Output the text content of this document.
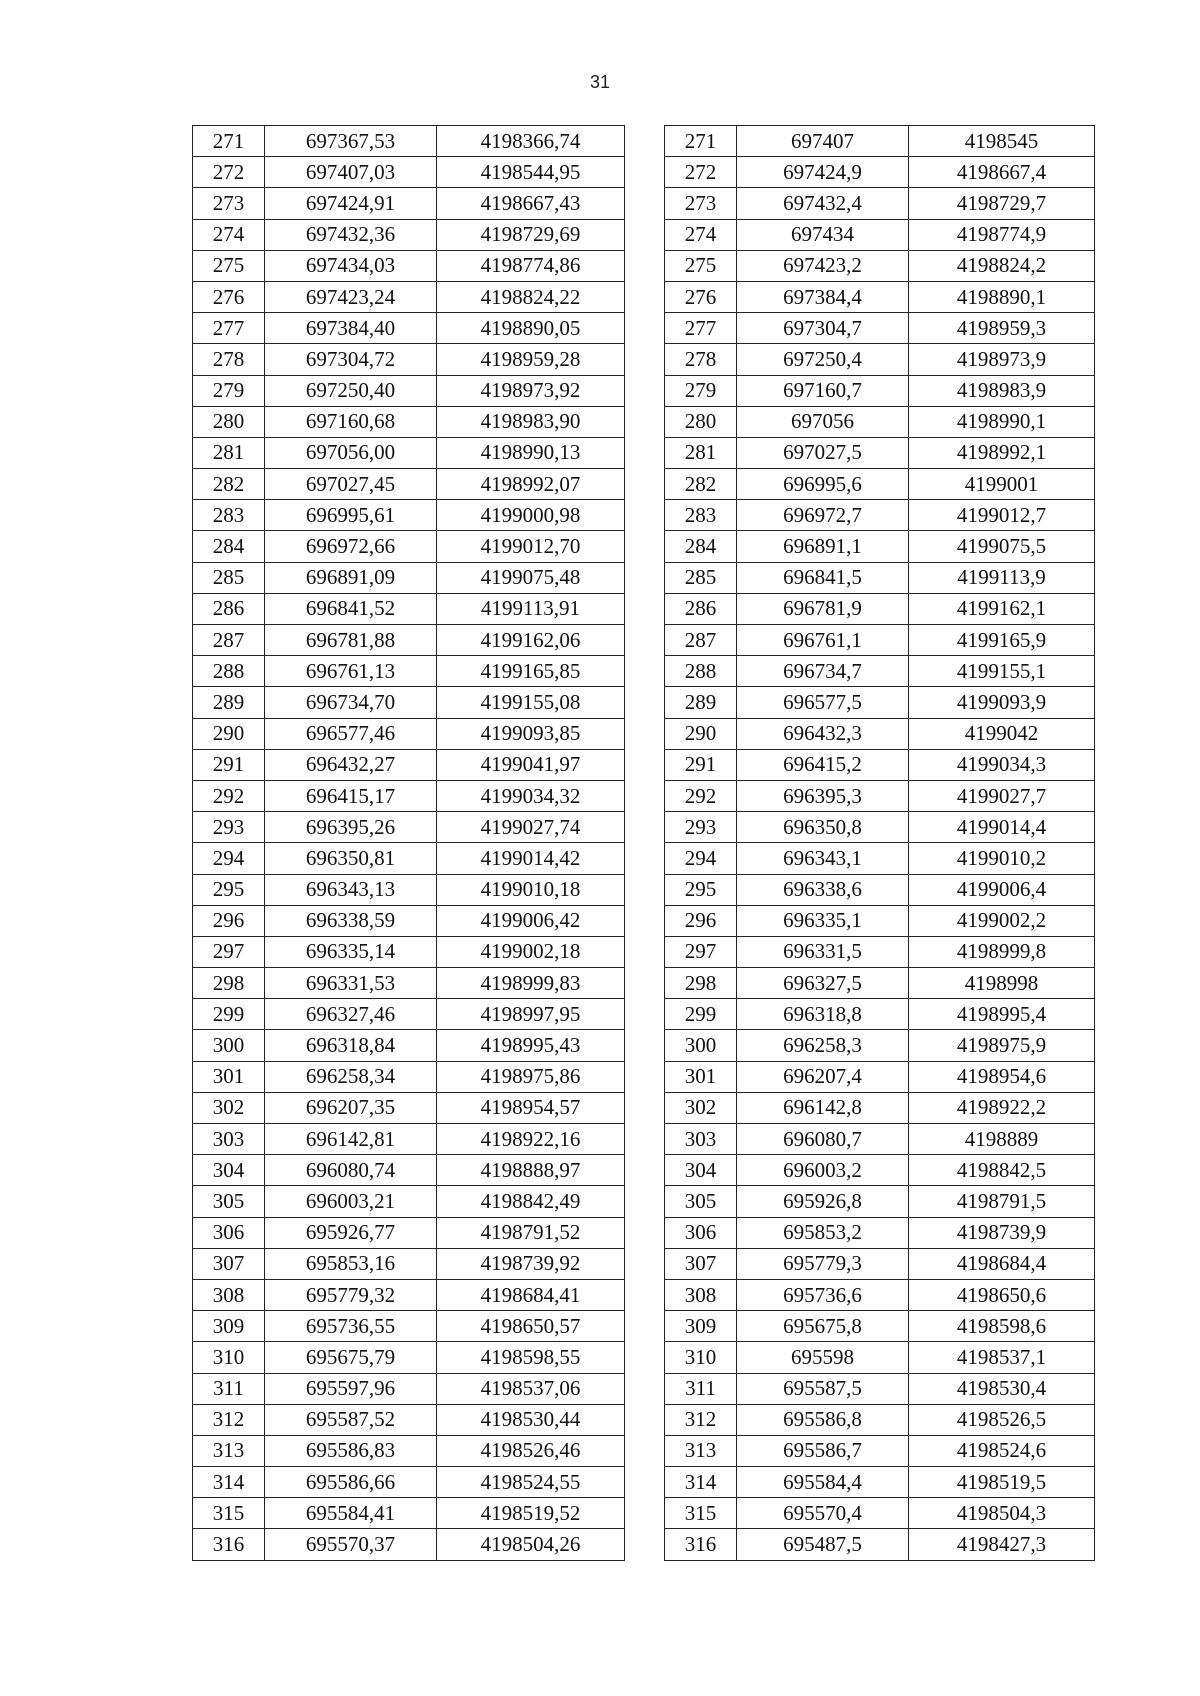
31
271	697367,53	4198366,74
272	697407,03	4198544,95
273	697424,91	4198667,43
274	697432,36	4198729,69
275	697434,03	4198774,86
276	697423,24	4198824,22
277	697384,40	4198890,05
278	697304,72	4198959,28
279	697250,40	4198973,92
280	697160,68	4198983,90
281	697056,00	4198990,13
282	697027,45	4198992,07
283	696995,61	4199000,98
284	696972,66	4199012,70
285	696891,09	4199075,48
286	696841,52	4199113,91
287	696781,88	4199162,06
288	696761,13	4199165,85
289	696734,70	4199155,08
290	696577,46	4199093,85
291	696432,27	4199041,97
292	696415,17	4199034,32
293	696395,26	4199027,74
294	696350,81	4199014,42
295	696343,13	4199010,18
296	696338,59	4199006,42
297	696335,14	4199002,18
298	696331,53	4198999,83
299	696327,46	4198997,95
300	696318,84	4198995,43
301	696258,34	4198975,86
302	696207,35	4198954,57
303	696142,81	4198922,16
304	696080,74	4198888,97
305	696003,21	4198842,49
306	695926,77	4198791,52
307	695853,16	4198739,92
308	695779,32	4198684,41
309	695736,55	4198650,57
310	695675,79	4198598,55
311	695597,96	4198537,06
312	695587,52	4198530,44
313	695586,83	4198526,46
314	695586,66	4198524,55
315	695584,41	4198519,52
316	695570,37	4198504,26
271	697407	4198545
272	697424,9	4198667,4
273	697432,4	4198729,7
274	697434	4198774,9
275	697423,2	4198824,2
276	697384,4	4198890,1
277	697304,7	4198959,3
278	697250,4	4198973,9
279	697160,7	4198983,9
280	697056	4198990,1
281	697027,5	4198992,1
282	696995,6	4199001
283	696972,7	4199012,7
284	696891,1	4199075,5
285	696841,5	4199113,9
286	696781,9	4199162,1
287	696761,1	4199165,9
288	696734,7	4199155,1
289	696577,5	4199093,9
290	696432,3	4199042
291	696415,2	4199034,3
292	696395,3	4199027,7
293	696350,8	4199014,4
294	696343,1	4199010,2
295	696338,6	4199006,4
296	696335,1	4199002,2
297	696331,5	4198999,8
298	696327,5	4198998
299	696318,8	4198995,4
300	696258,3	4198975,9
301	696207,4	4198954,6
302	696142,8	4198922,2
303	696080,7	4198889
304	696003,2	4198842,5
305	695926,8	4198791,5
306	695853,2	4198739,9
307	695779,3	4198684,4
308	695736,6	4198650,6
309	695675,8	4198598,6
310	695598	4198537,1
311	695587,5	4198530,4
312	695586,8	4198526,5
313	695586,7	4198524,6
314	695584,4	4198519,5
315	695570,4	4198504,3
316	695487,5	4198427,3
